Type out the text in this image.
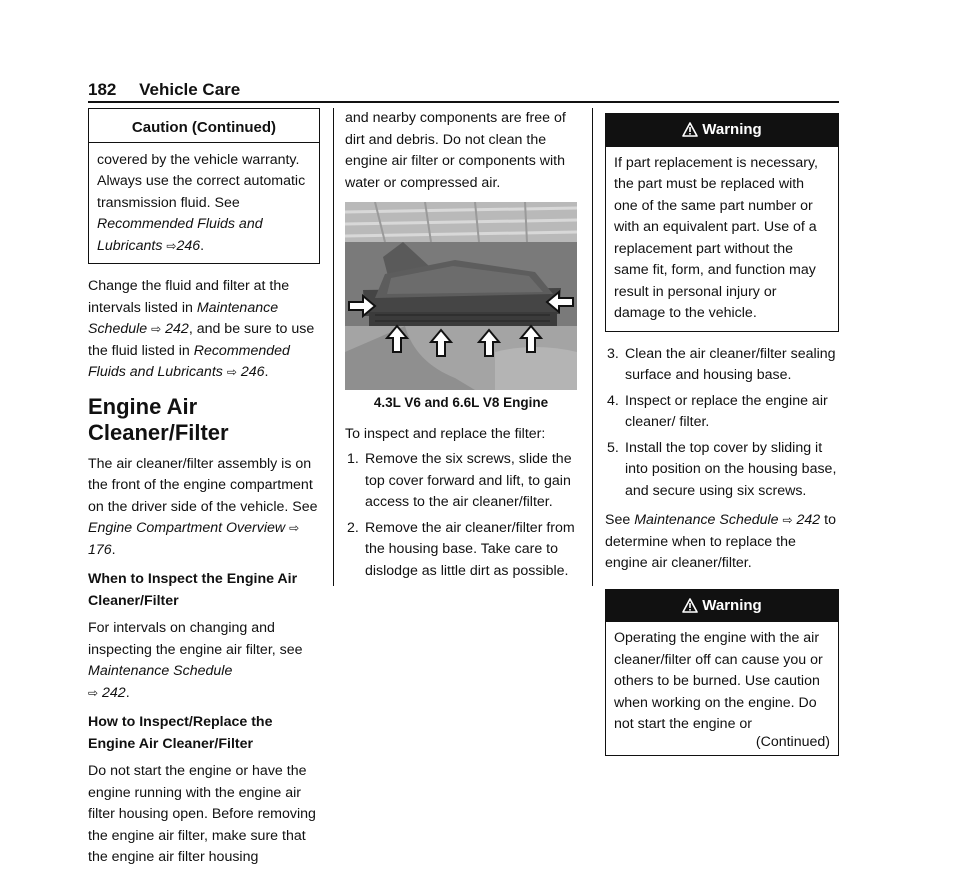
182 Vehicle Care
Caution (Continued)
covered by the vehicle warranty. Always use the correct automatic transmission fluid. See Recommended Fluids and Lubricants ⇨246.

Change the fluid and filter at the intervals listed in Maintenance Schedule ⇨ 242, and be sure to use the fluid listed in Recommended Fluids and Lubricants ⇨ 246.

Engine Air Cleaner/Filter

The air cleaner/filter assembly is on the front of the engine compartment on the driver side of the vehicle. See Engine Compartment Overview ⇨ 176.

When to Inspect the Engine Air Cleaner/Filter

For intervals on changing and inspecting the engine air filter, see Maintenance Schedule
⇨ 242.

How to Inspect/Replace the Engine Air Cleaner/Filter

Do not start the engine or have the engine running with the engine air filter housing open. Before removing the engine air filter, make sure that the engine air filter housing

and nearby components are free of dirt and debris. Do not clean the engine air filter or components with water or compressed air.

4.3L V6 and 6.6L V8 Engine

To inspect and replace the filter:

1. Remove the six screws, slide the top cover forward and lift, to gain access to the air cleaner/filter.
2. Remove the air cleaner/filter from the housing base. Take care to dislodge as little dirt as possible.
Warning
If part replacement is necessary, the part must be replaced with one of the same part number or with an equivalent part. Use of a replacement part without the same fit, form, and function may result in personal injury or damage to the vehicle.
3. Clean the air cleaner/filter sealing surface and housing base.
4. Inspect or replace the engine air cleaner/ filter.
5. Install the top cover by sliding it into position on the housing base, and secure using six screws.

See Maintenance Schedule ⇨ 242 to determine when to replace the engine air cleaner/filter.

Warning
Operating the engine with the air cleaner/filter off can cause you or others to be burned. Use caution when working on the engine. Do not start the engine or
(Continued)
